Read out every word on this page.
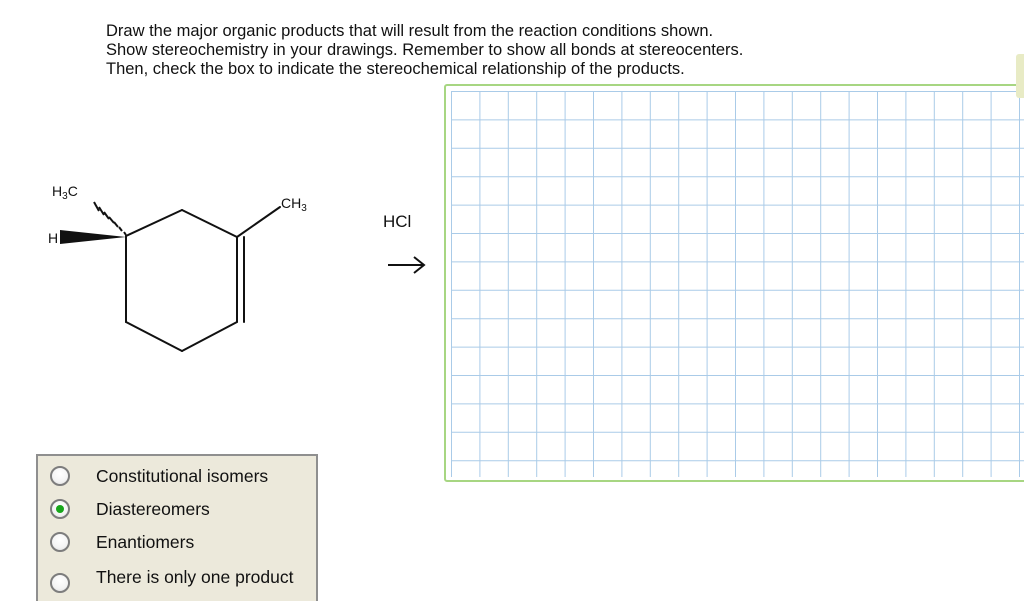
Draw the major organic products that will result from the reaction conditions shown.
Show stereochemistry in your drawings. Remember to show all bonds at stereocenters.
Then, check the box to indicate the stereochemical relationship of the products.
$H_3C$
$CH_3$
H
HCl
Constitutional isomers
Diastereomers
Enantiomers
There is only one product
